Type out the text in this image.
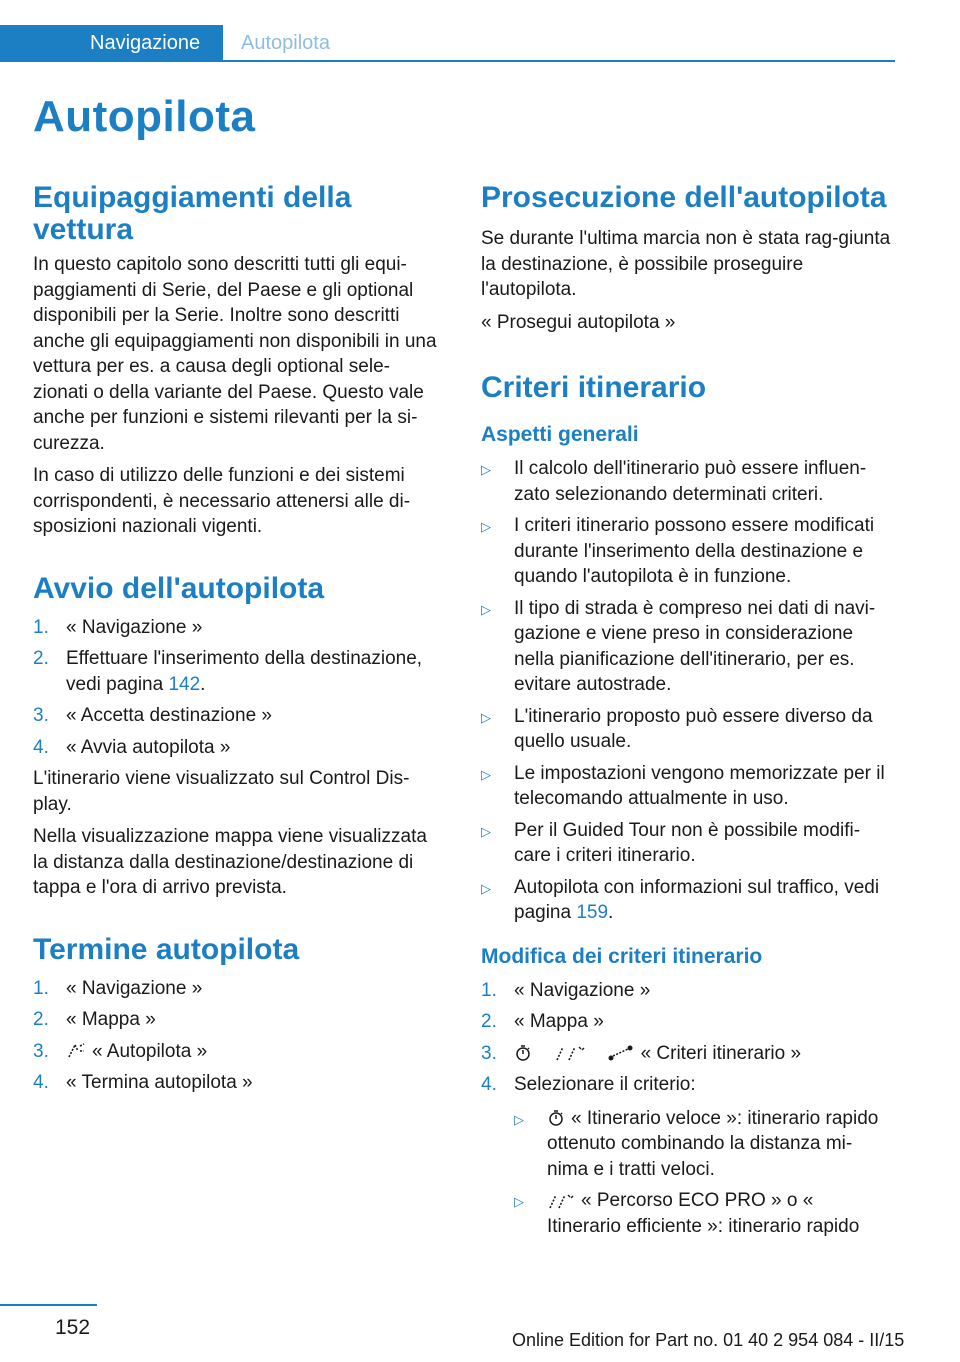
Navigazione Autopilota
Autopilota
Equipaggiamenti della vettura

In questo capitolo sono descritti tutti gli equi‐paggiamenti di Serie, del Paese e gli optional disponibili per la Serie. Inoltre sono descritti anche gli equipaggiamenti non disponibili in una vettura per es. a causa degli optional sele‐zionati o della variante del Paese. Questo vale anche per funzioni e sistemi rilevanti per la si‐curezza.

In caso di utilizzo delle funzioni e dei sistemi corrispondenti, è necessario attenersi alle di‐sposizioni nazionali vigenti.

Avvio dell'autopilota
1. « Navigazione »
2. Effettuare l'inserimento della destinazione, vedi pagina 142.
3. « Accetta destinazione »
4. « Avvia autopilota »

L'itinerario viene visualizzato sul Control Dis‐play.

Nella visualizzazione mappa viene visualizzata la distanza dalla destinazione/destinazione di tappa e l'ora di arrivo prevista.

Termine autopilota
1. « Navigazione »
2. « Mappa »
3. « Autopilota »
4. « Termina autopilota »
Prosecuzione dell'autopilota

Se durante l'ultima marcia non è stata rag‐giunta la destinazione, è possibile proseguire l'autopilota.

« Prosegui autopilota »

Criteri itinerario
Aspetti generali
▷ Il calcolo dell'itinerario può essere influen‐zato selezionando determinati criteri.
▷ I criteri itinerario possono essere modificati durante l'inserimento della destinazione e quando l'autopilota è in funzione.
▷ Il tipo di strada è compreso nei dati di navi‐gazione e viene preso in considerazione nella pianificazione dell'itinerario, per es. evitare autostrade.
▷ L'itinerario proposto può essere diverso da quello usuale.
▷ Le impostazioni vengono memorizzate per il telecomando attualmente in uso.
▷ Per il Guided Tour non è possibile modifi‐care i criteri itinerario.
▷ Autopilota con informazioni sul traffico, vedi pagina 159.
Modifica dei criteri itinerario
1. « Navigazione »
2. « Mappa »
3.	« Criteri itinerario »
4. Selezionare il criterio:
▷ « Itinerario veloce »: itinerario rapido ottenuto combinando la distanza mi‐nima e i tratti veloci.
▷	« Percorso ECO PRO » o « Itinerario efficiente »: itinerario rapido
152
Online Edition for Part no. 01 40 2 954 084 - II/15
